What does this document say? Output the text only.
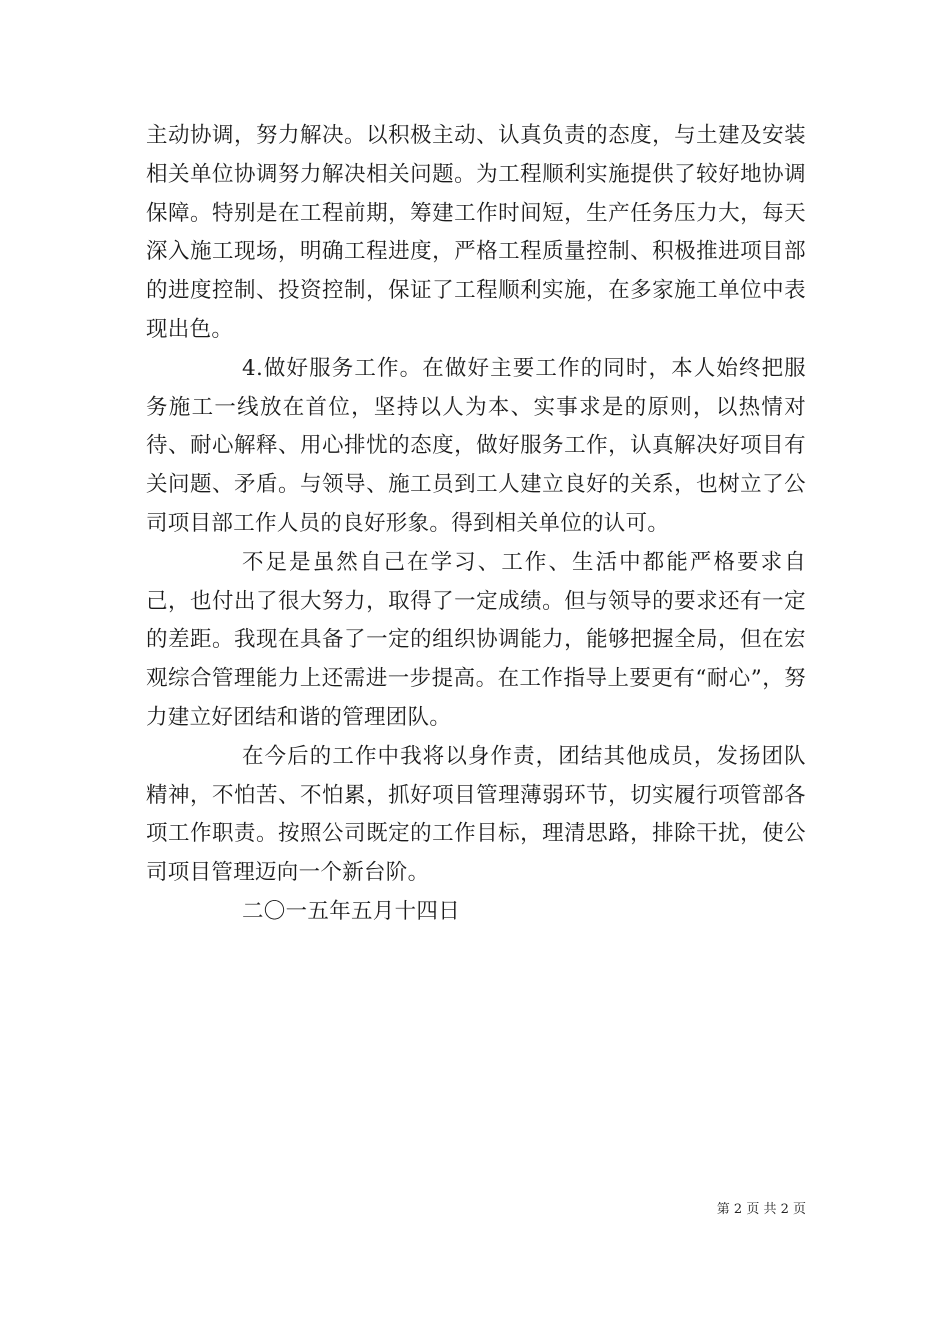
主动协调，努力解决。以积极主动、认真负责的态度，与土建及安装相关单位协调努力解决相关问题。为工程顺利实施提供了较好地协调保障。特别是在工程前期，筹建工作时间短，生产任务压力大，每天深入施工现场，明确工程进度，严格工程质量控制、积极推进项目部的进度控制、投资控制，保证了工程顺利实施，在多家施工单位中表现出色。

4.做好服务工作。在做好主要工作的同时，本人始终把服务施工一线放在首位，坚持以人为本、实事求是的原则，以热情对待、耐心解释、用心排忧的态度，做好服务工作，认真解决好项目有关问题、矛盾。与领导、施工员到工人建立良好的关系，也树立了公司项目部工作人员的良好形象。得到相关单位的认可。

不足是虽然自己在学习、工作、生活中都能严格要求自己，也付出了很大努力，取得了一定成绩。但与领导的要求还有一定的差距。我现在具备了一定的组织协调能力，能够把握全局，但在宏观综合管理能力上还需进一步提高。在工作指导上要更有“耐心”，努力建立好团结和谐的管理团队。

在今后的工作中我将以身作责，团结其他成员，发扬团队精神，不怕苦、不怕累，抓好项目管理薄弱环节，切实履行项管部各项工作职责。按照公司既定的工作目标，理清思路，排除干扰，使公司项目管理迈向一个新台阶。

二〇一五年五月十四日

第 2 页 共 2 页
